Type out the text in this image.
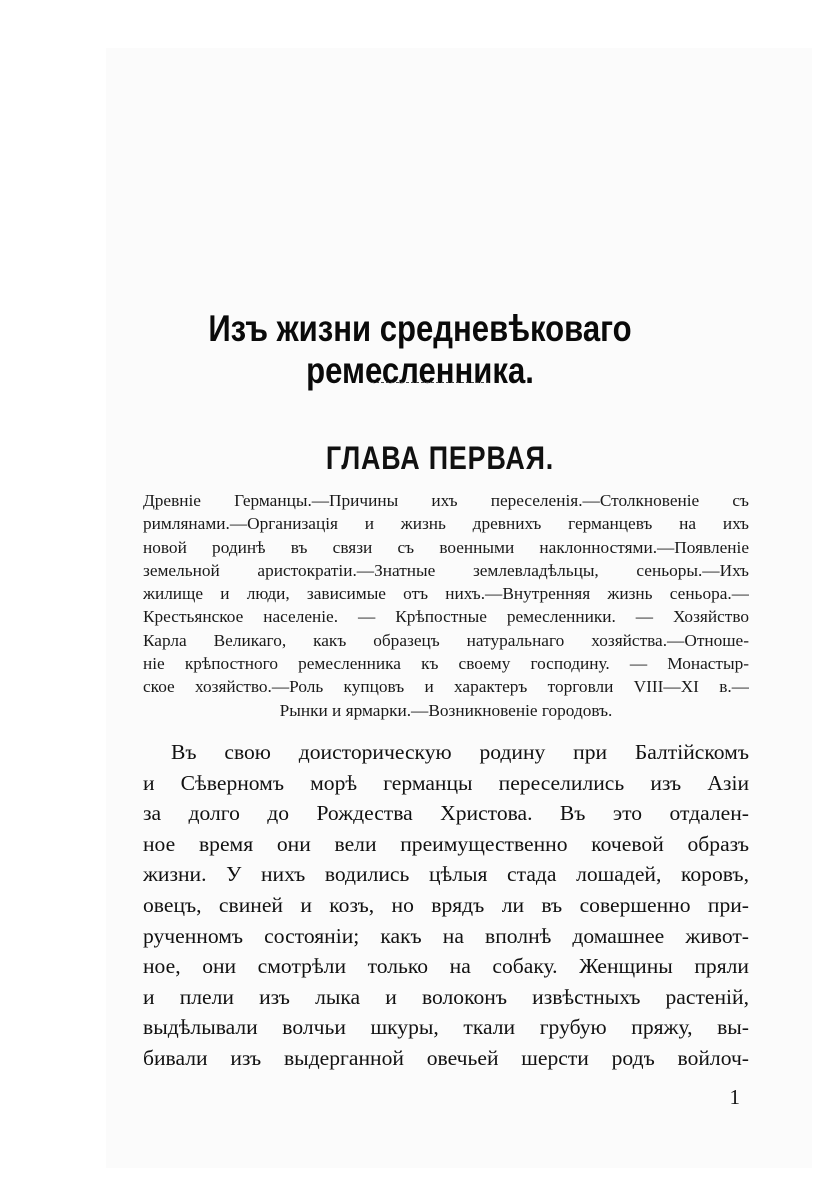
Изъ жизни средневѣковаго ремесленника.
ГЛАВА ПЕРВАЯ.
Древніе Германцы.—Причины ихъ переселенія.—Столкновеніе съ
римлянами.—Организація и жизнь древнихъ германцевъ на ихъ
новой родинѣ въ связи съ военными наклонностями.—Появленіе
земельной аристократіи.—Знатные землевладѣльцы, сеньоры.—Ихъ
жилище и люди, зависимые отъ нихъ.—Внутренняя жизнь сеньора.—
Крестьянское населеніе. — Крѣпостные ремесленники. — Хозяйство
Карла Великаго, какъ образецъ натуральнаго хозяйства.—Отноше-
ніе крѣпостного ремесленника къ своему господину. — Монастыр-
ское хозяйство.—Роль купцовъ и характеръ торговли VIII—XI в.—
Рынки и ярмарки.—Возникновеніе городовъ.
Въ свою доисторическую родину при Балтійскомъ
и Сѣверномъ морѣ германцы переселились изъ Азіи
за долго до Рождества Христова. Въ это отдален-
ное время они вели преимущественно кочевой образъ
жизни. У нихъ водились цѣлыя стада лошадей, коровъ,
овецъ, свиней и козъ, но врядъ ли въ совершенно при-
рученномъ состояніи; какъ на вполнѣ домашнее живот-
ное, они смотрѣли только на собаку. Женщины пряли
и плели изъ лыка и волоконъ извѣстныхъ растеній,
выдѣлывали волчьи шкуры, ткали грубую пряжу, вы-
бивали изъ выдерганной овечьей шерсти родъ войлоч-
1
